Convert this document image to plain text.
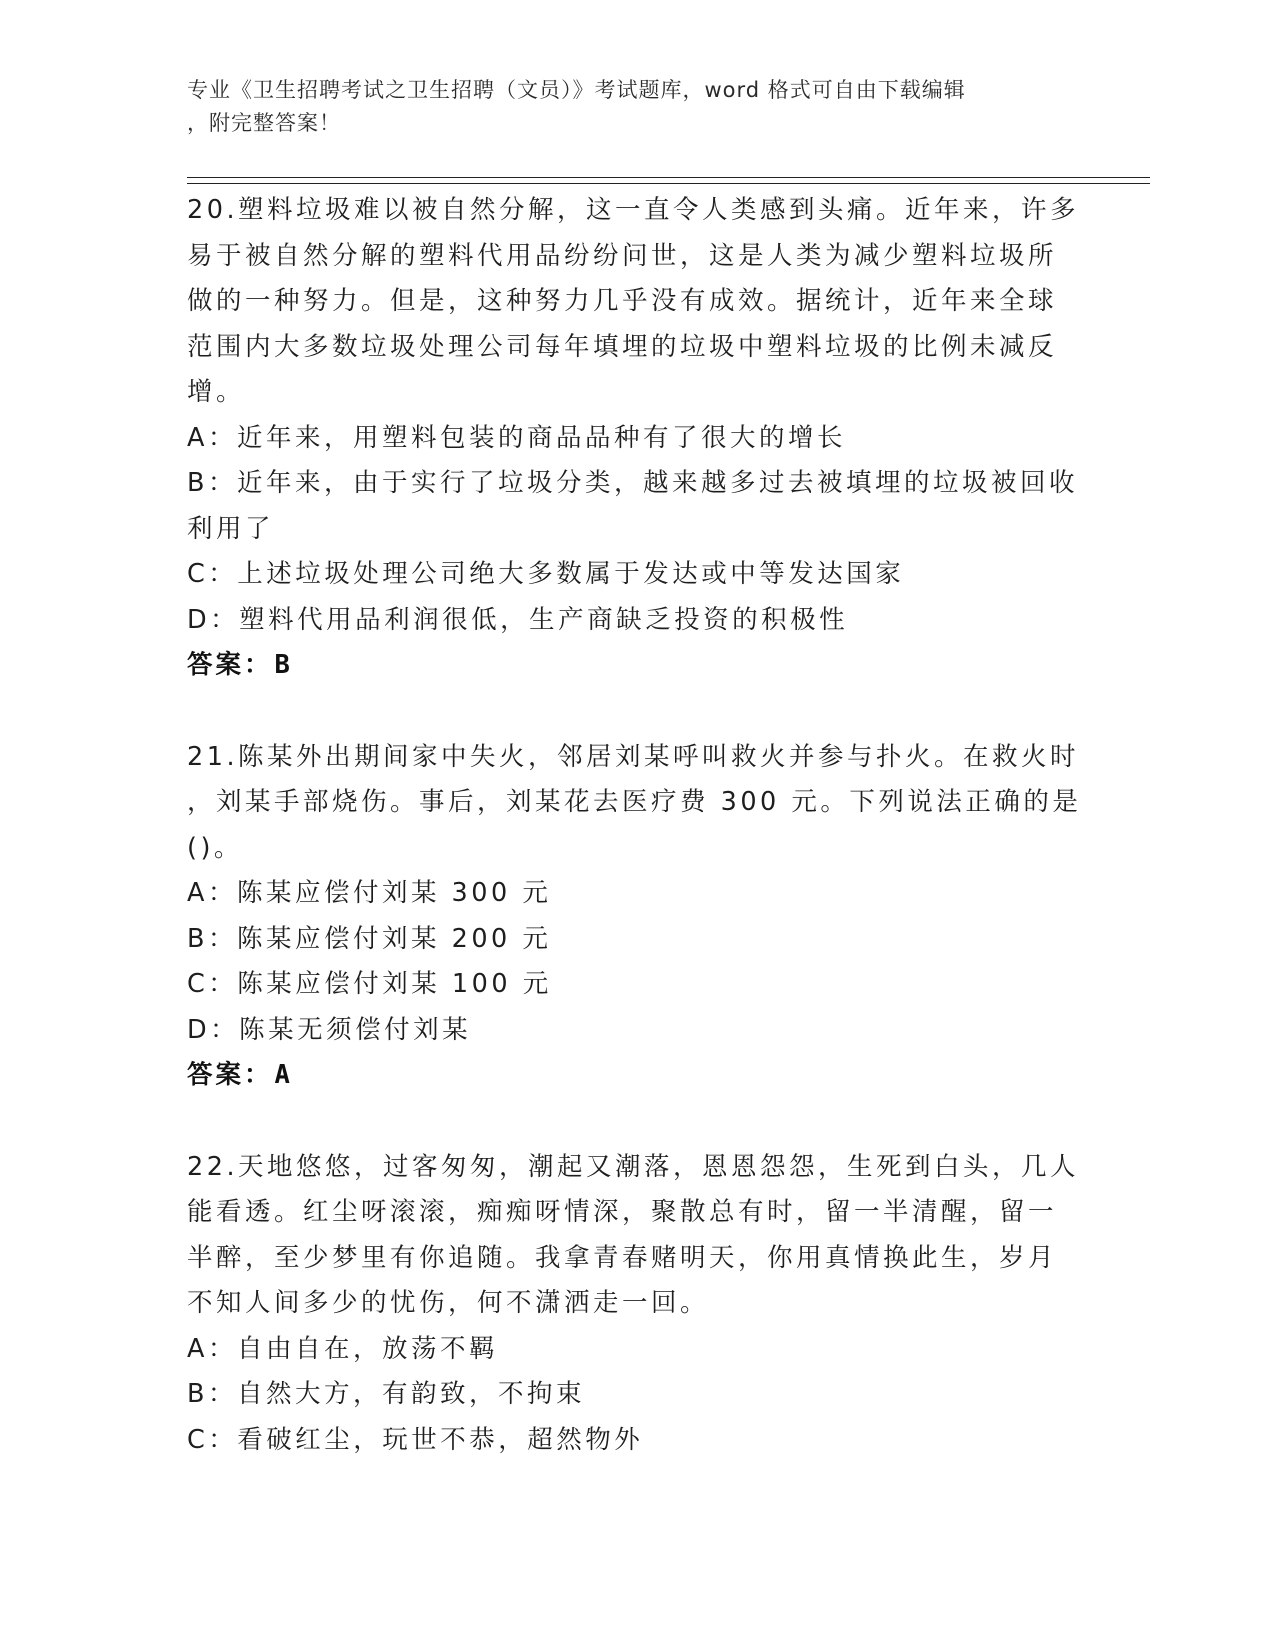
专业《卫生招聘考试之卫生招聘（文员）》考试题库，word 格式可自由下载编辑
，附完整答案！
20.塑料垃圾难以被自然分解，这一直令人类感到头痛。近年来，许多
易于被自然分解的塑料代用品纷纷问世，这是人类为减少塑料垃圾所
做的一种努力。但是，这种努力几乎没有成效。据统计，近年来全球
范围内大多数垃圾处理公司每年填埋的垃圾中塑料垃圾的比例未减反
增。
A：近年来，用塑料包装的商品品种有了很大的增长
B：近年来，由于实行了垃圾分类，越来越多过去被填埋的垃圾被回收
利用了
C：上述垃圾处理公司绝大多数属于发达或中等发达国家
D：塑料代用品利润很低，生产商缺乏投资的积极性
答案：B
21.陈某外出期间家中失火，邻居刘某呼叫救火并参与扑火。在救火时
，刘某手部烧伤。事后，刘某花去医疗费 300 元。下列说法正确的是
()。
A：陈某应偿付刘某 300 元
B：陈某应偿付刘某 200 元
C：陈某应偿付刘某 100 元
D：陈某无须偿付刘某
答案：A
22.天地悠悠，过客匆匆，潮起又潮落，恩恩怨怨，生死到白头，几人
能看透。红尘呀滚滚，痴痴呀情深，聚散总有时，留一半清醒，留一
半醉，至少梦里有你追随。我拿青春赌明天，你用真情换此生，岁月
不知人间多少的忧伤，何不潇洒走一回。
A：自由自在，放荡不羁
B：自然大方，有韵致，不拘束
C：看破红尘，玩世不恭，超然物外
